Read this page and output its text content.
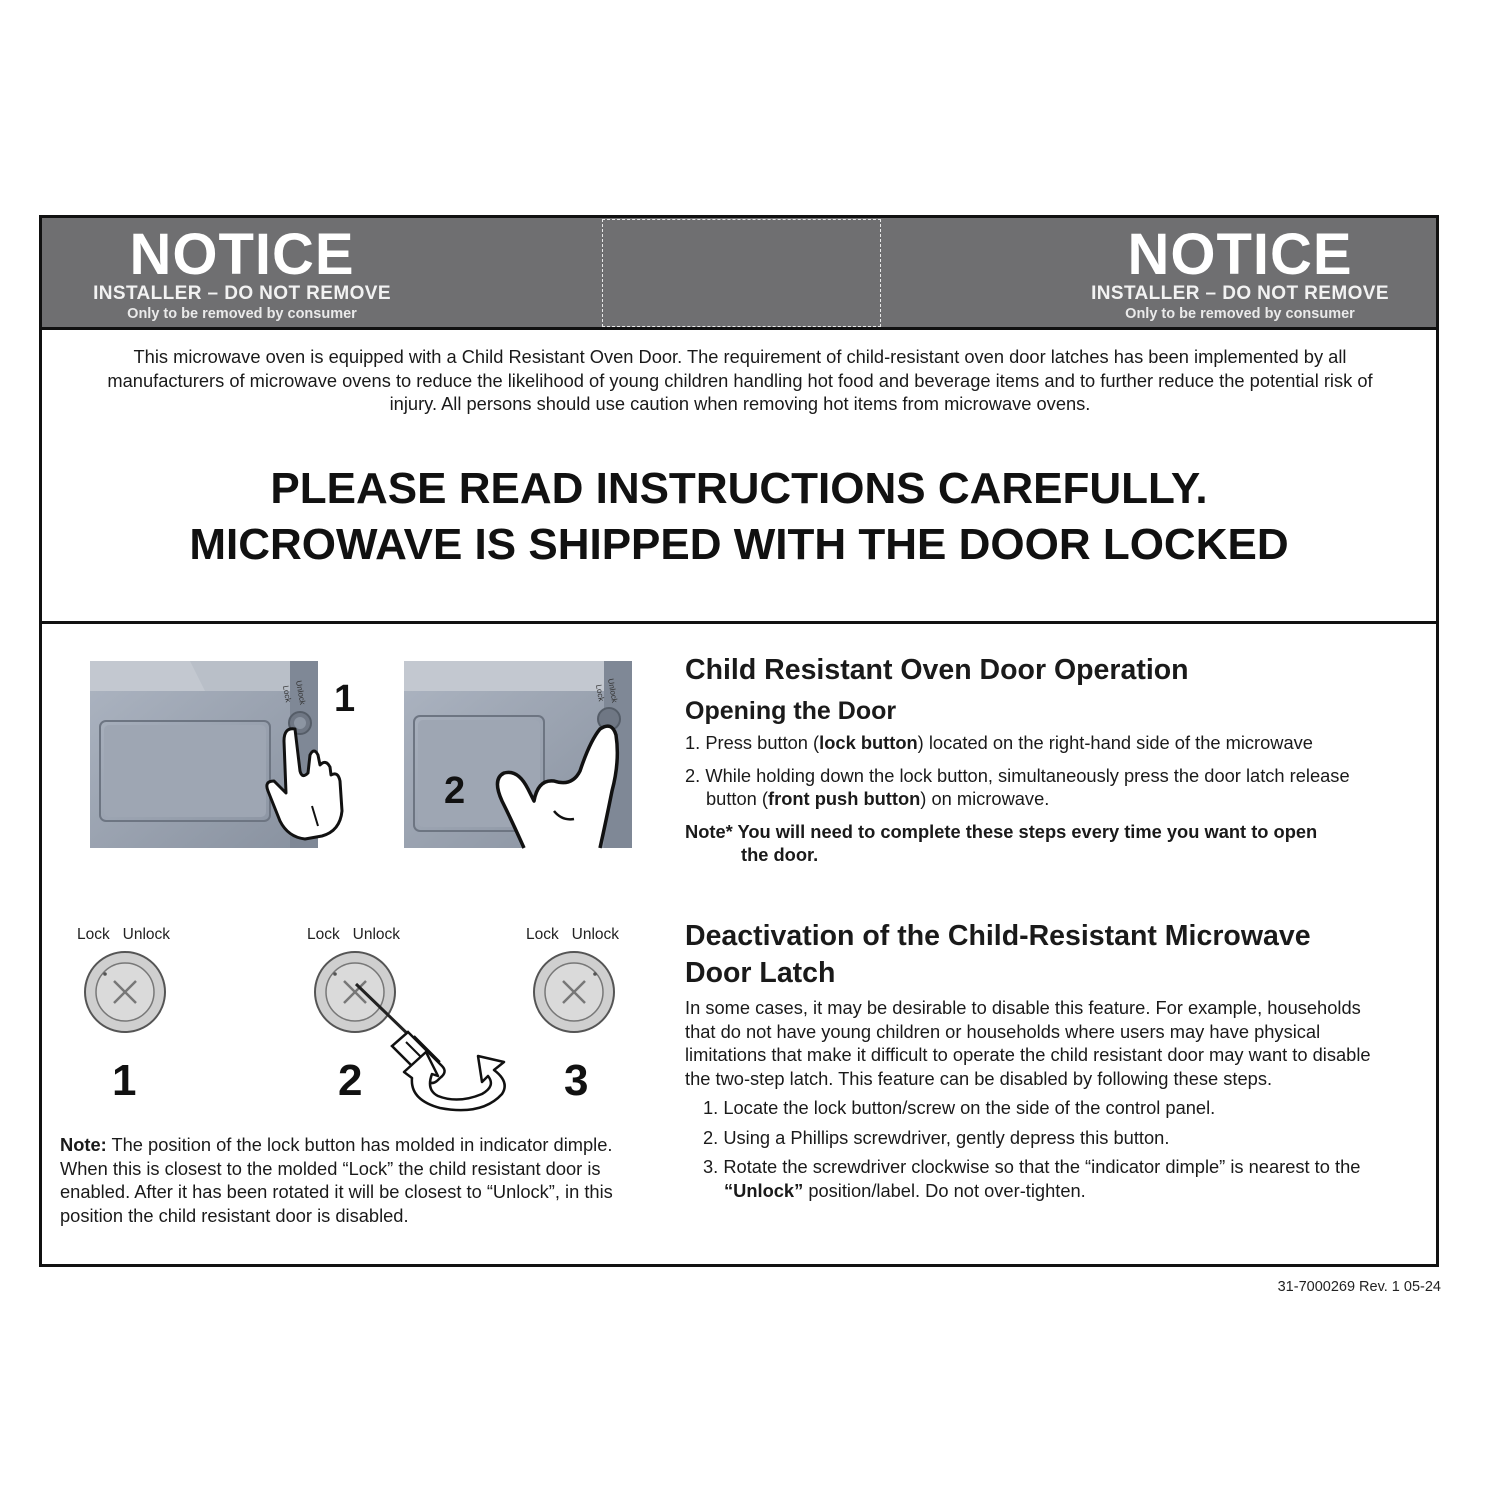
NOTICE
INSTALLER – DO NOT REMOVE
Only to be removed by consumer
NOTICE
INSTALLER – DO NOT REMOVE
Only to be removed by consumer
This microwave oven is equipped with a Child Resistant Oven Door. The requirement of child-resistant oven door latches has been implemented by all
manufacturers of microwave ovens to reduce the likelihood of young children handling hot food and beverage items and to further reduce the potential risk of
injury. All persons should use caution when removing hot items from microwave ovens.
PLEASE READ INSTRUCTIONS CAREFULLY.
MICROWAVE IS SHIPPED WITH THE DOOR LOCKED
Lock Unlock 1	Lock Unlock
2
Lock Unlock
1
Lock Unlock
2
Lock Unlock
3
Note: The position of the lock button has molded in indicator dimple.
When this is closest to the molded “Lock” the child resistant door is
enabled. After it has been rotated it will be closest to “Unlock”, in this
position the child resistant door is disabled.
Child Resistant Oven Door Operation
Opening the Door
1. Press button (lock button) located on the right-hand side of the microwave
2. While holding down the lock button, simultaneously press the door latch release
button (front push button) on microwave.
Note* You will need to complete these steps every time you want to open
the door.
Deactivation of the Child-Resistant Microwave
Door Latch
In some cases, it may be desirable to disable this feature. For example, households
that do not have young children or households where users may have physical
limitations that make it difficult to operate the child resistant door may want to disable
the two-step latch. This feature can be disabled by following these steps.
1. Locate the lock button/screw on the side of the control panel.
2. Using a Phillips screwdriver, gently depress this button.
3. Rotate the screwdriver clockwise so that the “indicator dimple” is nearest to the
“Unlock” position/label. Do not over-tighten.
31-7000269 Rev. 1 05-24
